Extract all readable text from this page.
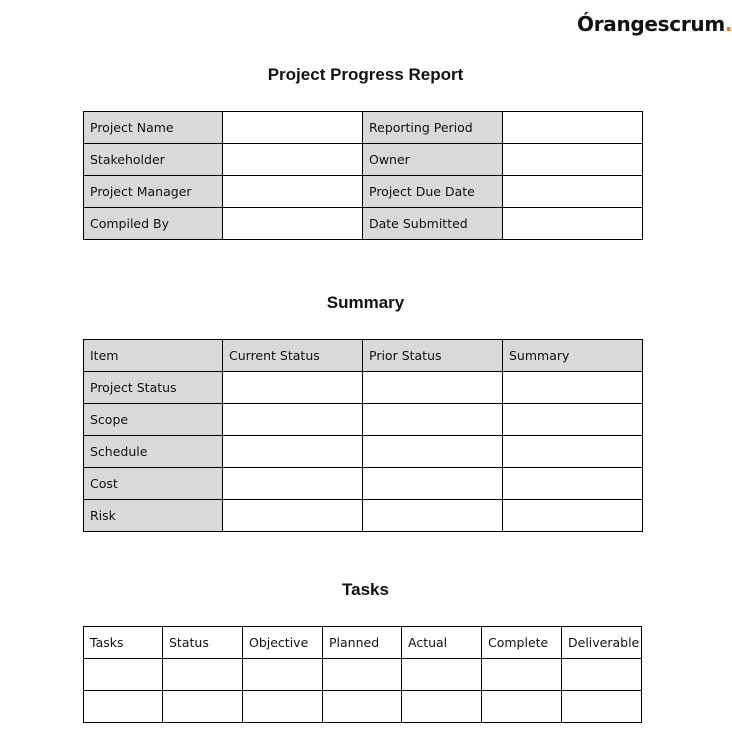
Órangescrum.
Project Progress Report
Project Name		Reporting Period	
Stakeholder		Owner	
Project Manager		Project Due Date	
Compiled By		Date Submitted	
Summary
Item	Current Status	Prior Status	Summary
Project Status			
Scope			
Schedule			
Cost			
Risk			
Tasks
Tasks	Status	Objective	Planned	Actual	Complete	Deliverable
